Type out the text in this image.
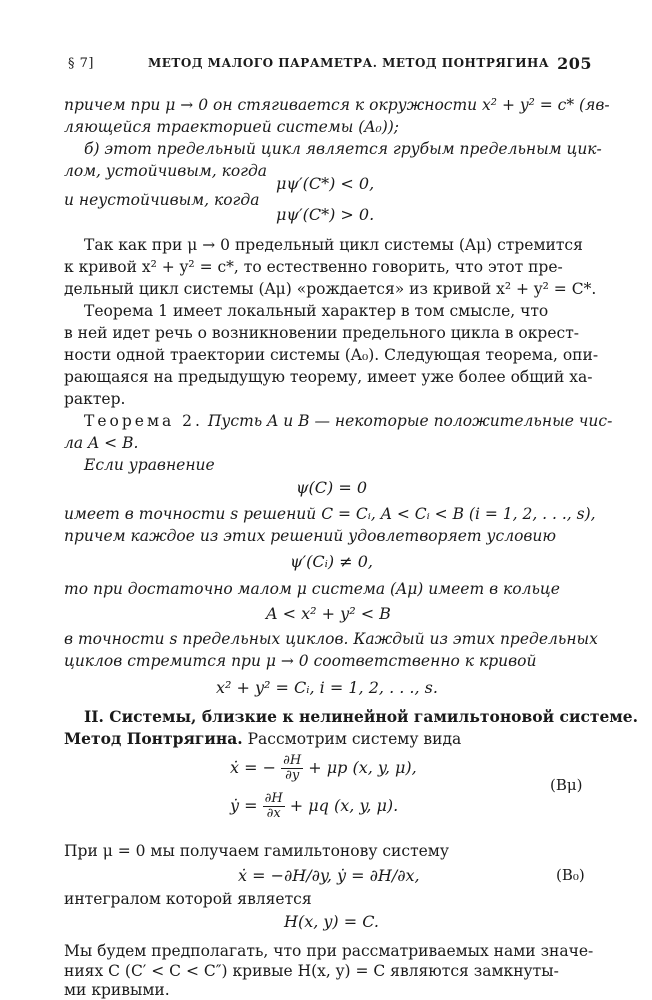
§ 7]	МЕТОД МАЛОГО ПАРАМЕТРА. МЕТОД ПОНТРЯГИНА 205
причем при μ → 0 он стягивается к окружности x² + y² = c* (яв-
ляющейся траекторией системы (A₀));
б) этот предельный цикл является грубым предельным цик-
лом, устойчивым, когда
μψ′(C*) < 0,
и неустойчивым, когда
μψ′(C*) > 0.
Так как при μ → 0 предельный цикл системы (Aμ) стремится
к кривой x² + y² = c*, то естественно говорить, что этот пре-
дельный цикл системы (Aμ) «рождается» из кривой x² + y² = C*.
Теорема 1 имеет локальный характер в том смысле, что
в ней идет речь о возникновении предельного цикла в окрест-
ности одной траектории системы (A₀). Следующая теорема, опи-
рающаяся на предыдущую теорему, имеет уже более общий ха-
рактер.
Теорема 2. Пусть A и B — некоторые положительные чис-
ла A < B.
Если уравнение
ψ(C) = 0
имеет в точности s решений C = Cᵢ, A < Cᵢ < B (i = 1, 2, . . ., s),
причем каждое из этих решений удовлетворяет условию
ψ′(Cᵢ) ≠ 0,
то при достаточно малом μ система (Aμ) имеет в кольце
A < x² + y² < B
в точности s предельных циклов. Каждый из этих предельных
циклов стремится при μ → 0 соответственно к кривой
x² + y² = Cᵢ, i = 1, 2, . . ., s.
II. Системы, близкие к нелинейной гамильтоновой системе.
Метод Понтрягина. Рассмотрим систему вида
ẋ = − $\frac{\partial H}{\partial y} + \mu p$ (x, y, μ),
ẏ = $\frac{\partial H}{\partial x} + \mu q$ (x, y, μ).
(Bμ)
При μ = 0 мы получаем гамильтонову систему
ẋ = −∂H/∂y, ẏ = ∂H/∂x,	(B₀)
интегралом которой является
H(x, y) = C.
Мы будем предполагать, что при рассматриваемых нами значе-
ниях C (C′ < C < C″) кривые H(x, y) = C являются замкнуты-
ми кривыми.
